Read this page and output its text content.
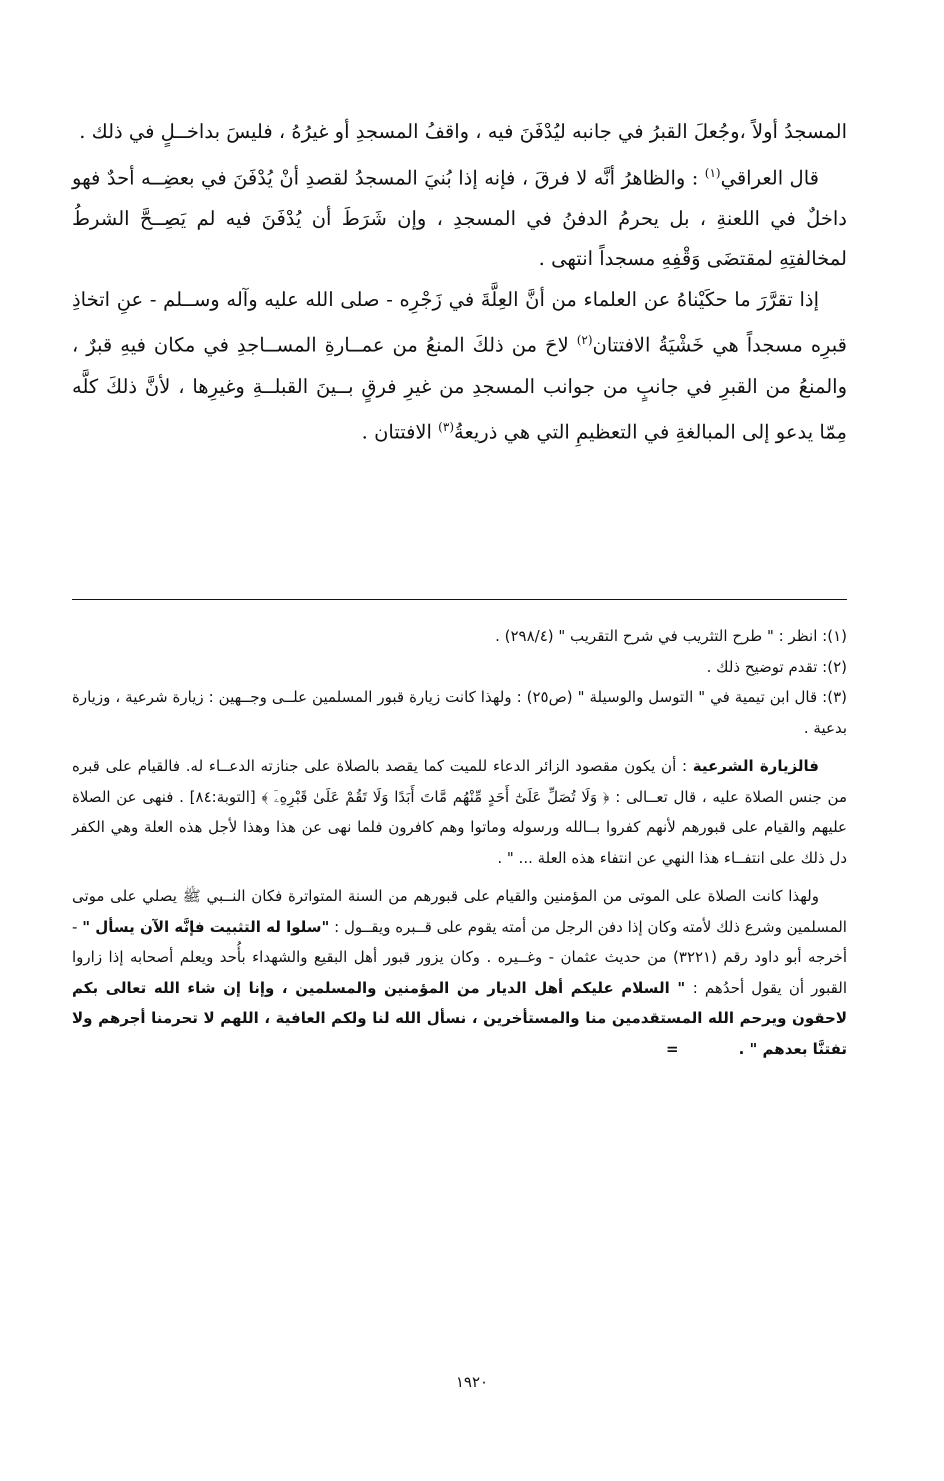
المسجدُ أولاً ،وجُعلَ القبرُ في جانبه ليُدْفَنَ فيه ، واقفُ المسجدِ أو غيرُهُ ، فليسَ بداخــلٍ في ذلك .

قال العراقي$^{(١)}$ : والظاهرُ أنَّه لا فرقَ ، فإنه إذا بُنيَ المسجدُ لقصدِ أنْ يُدْفَنَ في بعضِــه أحدٌ فهو داخلٌ في اللعنةِ ، بل يحرمُ الدفنُ في المسجدِ ، وإن شَرَطَ أن يُدْفَنَ فيه لم يَصِــحَّ الشرطُ لمخالفتِهِ لمقتضَى وَقْفِهِ مسجداً انتهى .

إذا تقرَّرَ ما حكَيْناهُ عن العلماء من أنَّ العِلَّةَ في زَجْرِه - صلى الله عليه وآله وســلم - عنِ اتخاذِ قبرِه مسجداً هي خَشْيَةُ الافتتان$^{(٢)}$ لاحَ من ذلكَ المنعُ من عمــارةِ المســاجدِ في مكان فيهِ قبرٌ ، والمنعُ من القبرِ في جانبٍ من جوانب المسجدِ من غيرِ فرقٍ بــينَ القبلــةِ وغيرِها ، لأنَّ ذلكَ كلَّه مِمّا يدعو إلى المبالغةِ في التعظيمِ التي هي ذريعةُ$^{(٣)}$ الافتتان .

(١): انظر : " طرح التثريب في شرح التقريب " (٢٩٨/٤) .

(٢): تقدم توضيح ذلك .

(٣): قال ابن تيمية في " التوسل والوسيلة " (ص٢٥) : ولهذا كانت زيارة قبور المسلمين علــى وجــهين : زيارة شرعية ، وزيارة بدعية .

فالزيارة الشرعية : أن يكون مقصود الزائر الدعاء للميت كما يقصد بالصلاة على جنازته الدعــاء له. فالقيام على قبره من جنس الصلاة عليه ، قال تعــالى : ﴿ وَلَا تُصَلِّ عَلَىٰٓ أَحَدٍ مِّنْهُم مَّاتَ أَبَدًا وَلَا تَقُمْ عَلَىٰ قَبْرِهِۦٓ ﴾ [التوبة:٨٤] . فنهى عن الصلاة عليهم والقيام على قبورهم لأنهم كفروا بــالله ورسوله وماتوا وهم كافرون فلما نهى عن هذا وهذا لأجل هذه العلة وهي الكفر دل ذلك على انتفــاء هذا النهي عن انتفاء هذه العلة ... " .

ولهذا كانت الصلاة على الموتى من المؤمنين والقيام على قبورهم من السنة المتواترة فكان النــبي ﷺ يصلي على موتى المسلمين وشرع ذلك لأمته وكان إذا دفن الرجل من أمته يقوم على قــبره ويقــول : "سلوا له التثبيت فإنَّه الآن يسأل " - أخرجه أبو داود رقم (٣٢٢١) من حديث عثمان - وغــيره . وكان يزور قبور أهل البقيع والشهداء بأُحد ويعلم أصحابه إذا زاروا القبور أن يقول أحدُهم : " السلام عليكم أهل الديار من المؤمنين والمسلمين ، وإنا إن شاء الله تعالى بكم لاحقون ويرحم الله المستقدمين منا والمستأخرين ، نسأل الله لنا ولكم العافية ، اللهم لا تحرمنا أجرهم ولا تفتنَّا بعدهم " .=

١٩٢٠
